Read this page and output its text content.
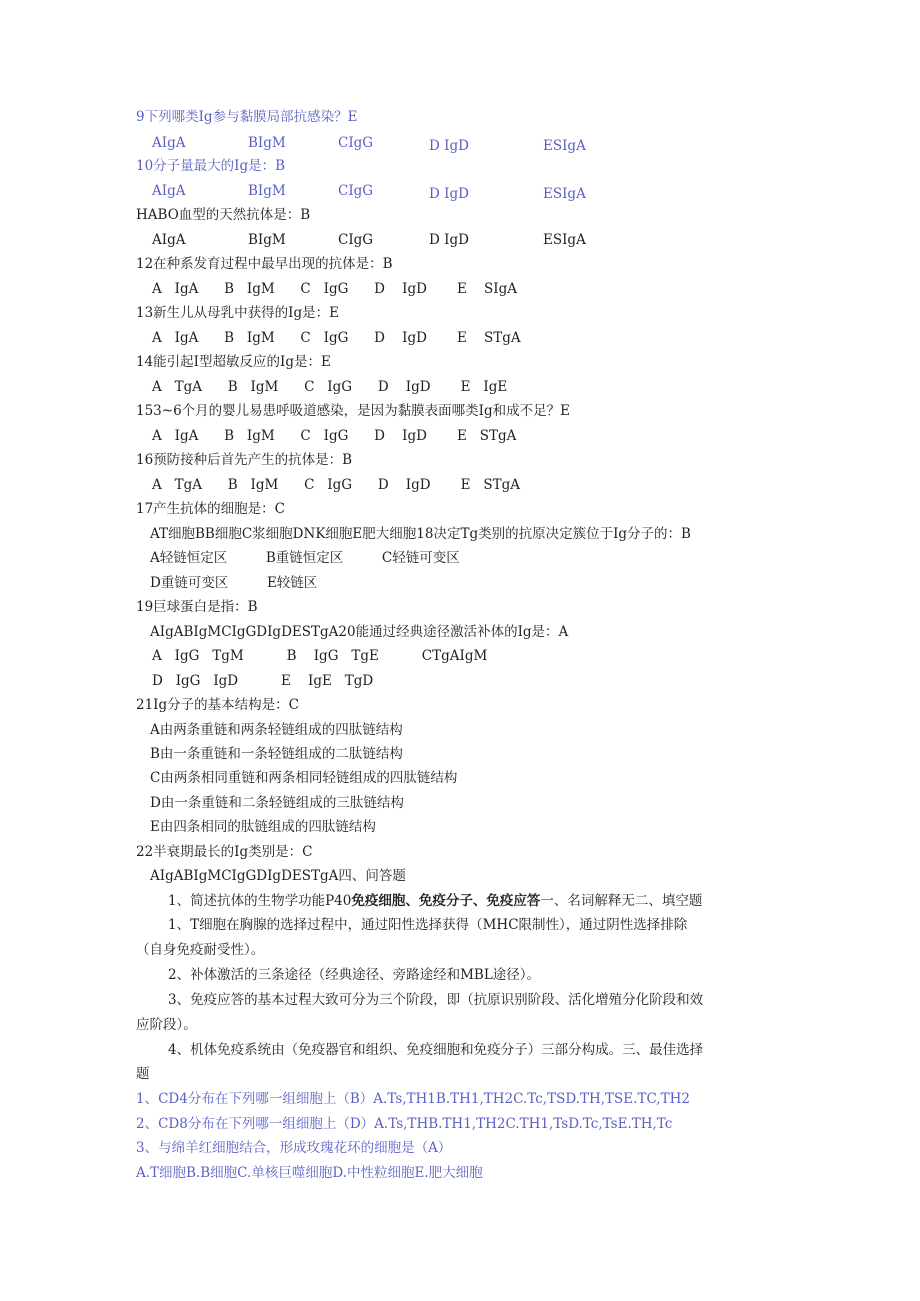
9下列哪类Ig参与黏膜局部抗感染？E
AIgA	BIgM	CIgG	D IgD	ESIgA
10分子量最大的Ig是：B
AIgA	BIgM	CIgG	D IgD	ESIgA
HABO血型的天然抗体是：B
AIgA	BIgM	CIgG	D IgD	ESIgA
12在种系发育过程中最早出现的抗体是：B
A   IgA      B   IgM      C   IgG      D    IgD       E    SIgA
13新生儿从母乳中获得的Ig是：E
A   IgA      B   IgM      C   IgG      D    IgD       E    STgA
14能引起Ⅰ型超敏反应的Ig是：E
A   TgA      B   IgM      C   IgG      D    IgD       E   IgE
153~6个月的婴儿易患呼吸道感染，是因为黏膜表面哪类Ig和成不足？E
A   IgA      B   IgM      C   IgG      D    IgD       E   STgA
16预防接种后首先产生的抗体是：B
A   TgA      B   IgM      C   IgG      D    IgD       E   STgA
17产生抗体的细胞是：C
AT细胞BB细胞C浆细胞DNK细胞E肥大细胞18决定Tg类别的抗原决定簇位于Ig分子的：B
A轻链恒定区         B重链恒定区         C轻链可变区
D重链可变区         E较链区
19巨球蛋白是指：B
AIgABIgMCIgGDIgDESTgA20能通过经典途径激活补体的Ig是：A
A   IgG   TgM          B    IgG   TgE          CTgAIgM
D   IgG   IgD          E    IgE   TgD
21Ig分子的基本结构是：C
A由两条重链和两条轻链组成的四肽链结构
B由一条重链和一条轻链组成的二肽链结构
C由两条相同重链和两条相同轻链组成的四肽链结构
D由一条重链和二条轻链组成的三肽链结构
E由四条相同的肽链组成的四肽链结构
22半衰期最长的Ig类别是：C
AIgABIgMCIgGDIgDESTgA四、问答题
1、简述抗体的生物学功能P40免疫细胞、免疫分子、免疫应答一、名词解释无二、填空题
1、T细胞在胸腺的选择过程中，通过阳性选择获得（MHC限制性），通过阴性选择排除
（自身免疫耐受性）。
2、补体激活的三条途径（经典途径、旁路途经和MBL途径）。
3、免疫应答的基本过程大致可分为三个阶段，即（抗原识别阶段、活化增殖分化阶段和效
应阶段）。
4、机体免疫系统由（免疫器官和组织、免疫细胞和免疫分子）三部分构成。三、最佳选择
题
1、CD4分布在下列哪一组细胞上（B）A.Ts,TH1B.TH1,TH2C.Tc,TSD.TH,TSE.TC,TH2
2、CD8分布在下列哪一组细胞上（D）A.Ts,THB.TH1,TH2C.TH1,TsD.Tc,TsE.TH,Tc
3、与绵羊红细胞结合，形成玫瑰花环的细胞是（A）
A.T细胞B.B细胞C.单核巨噬细胞D.中性粒细胞E.肥大细胞
